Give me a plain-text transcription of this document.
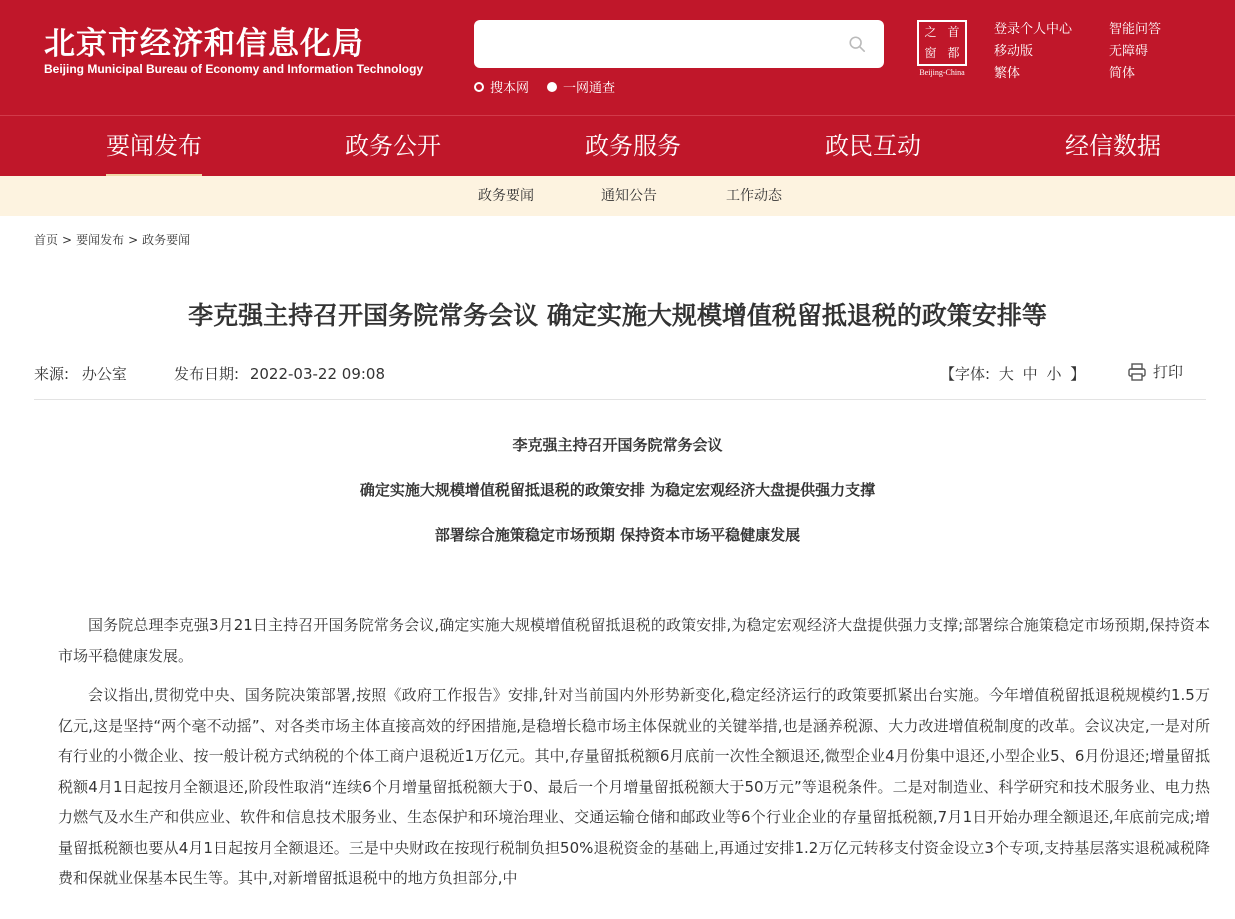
北京市经济和信息化局
Beijing Municipal Bureau of Economy and Information Technology
搜本网	一网通查
之 首
窗 都
Beijing-China
登录个人中心	智能问答
移动版	无障碍
繁体	简体
要闻发布	政务公开	政务服务	政民互动	经信数据
政务要闻	通知公告	工作动态
首页 > 要闻发布 > 政务要闻
李克强主持召开国务院常务会议 确定实施大规模增值税留抵退税的政策安排等
来源: 办公室	发布日期: 2022-03-22 09:08	【字体: 大 中 小 】	打印
李克强主持召开国务院常务会议
确定实施大规模增值税留抵退税的政策安排 为稳定宏观经济大盘提供强力支撑
部署综合施策稳定市场预期 保持资本市场平稳健康发展

国务院总理李克强3月21日主持召开国务院常务会议,确定实施大规模增值税留抵退税的政策安排,为稳定宏观经济大盘提供强力支撑;部署综合施策稳定市场预期,保持资本市场平稳健康发展。

会议指出,贯彻党中央、国务院决策部署,按照《政府工作报告》安排,针对当前国内外形势新变化,稳定经济运行的政策要抓紧出台实施。今年增值税留抵退税规模约1.5万亿元,这是坚持“两个毫不动摇”、对各类市场主体直接高效的纾困措施,是稳増长稳市场主体保就业的关键举措,也是涵养税源、大力改进增值税制度的改革。会议决定,一是对所有行业的小微企业、按一般计税方式纳税的个体工商户退税近1万亿元。其中,存量留抵税额6月底前一次性全额退还,微型企业4月份集中退还,小型企业5、6月份退还;增量留抵税额4月1日起按月全额退还,阶段性取消“连续6个月增量留抵税额大于0、最后一个月增量留抵税额大于50万元”等退税条件。二是对制造业、科学研究和技术服务业、电力热力燃气及水生产和供应业、软件和信息技术服务业、生态保护和环境治理业、交通运输仓储和邮政业等6个行业企业的存量留抵税额,7月1日开始办理全额退还,年底前完成;增量留抵税额也要从4月1日起按月全额退还。三是中央财政在按现行税制负担50%退税资金的基础上,再通过安排1.2万亿元转移支付资金设立3个专项,支持基层落实退税减税降费和保就业保基本民生等。其中,对新增留抵退税中的地方负担部分,中
